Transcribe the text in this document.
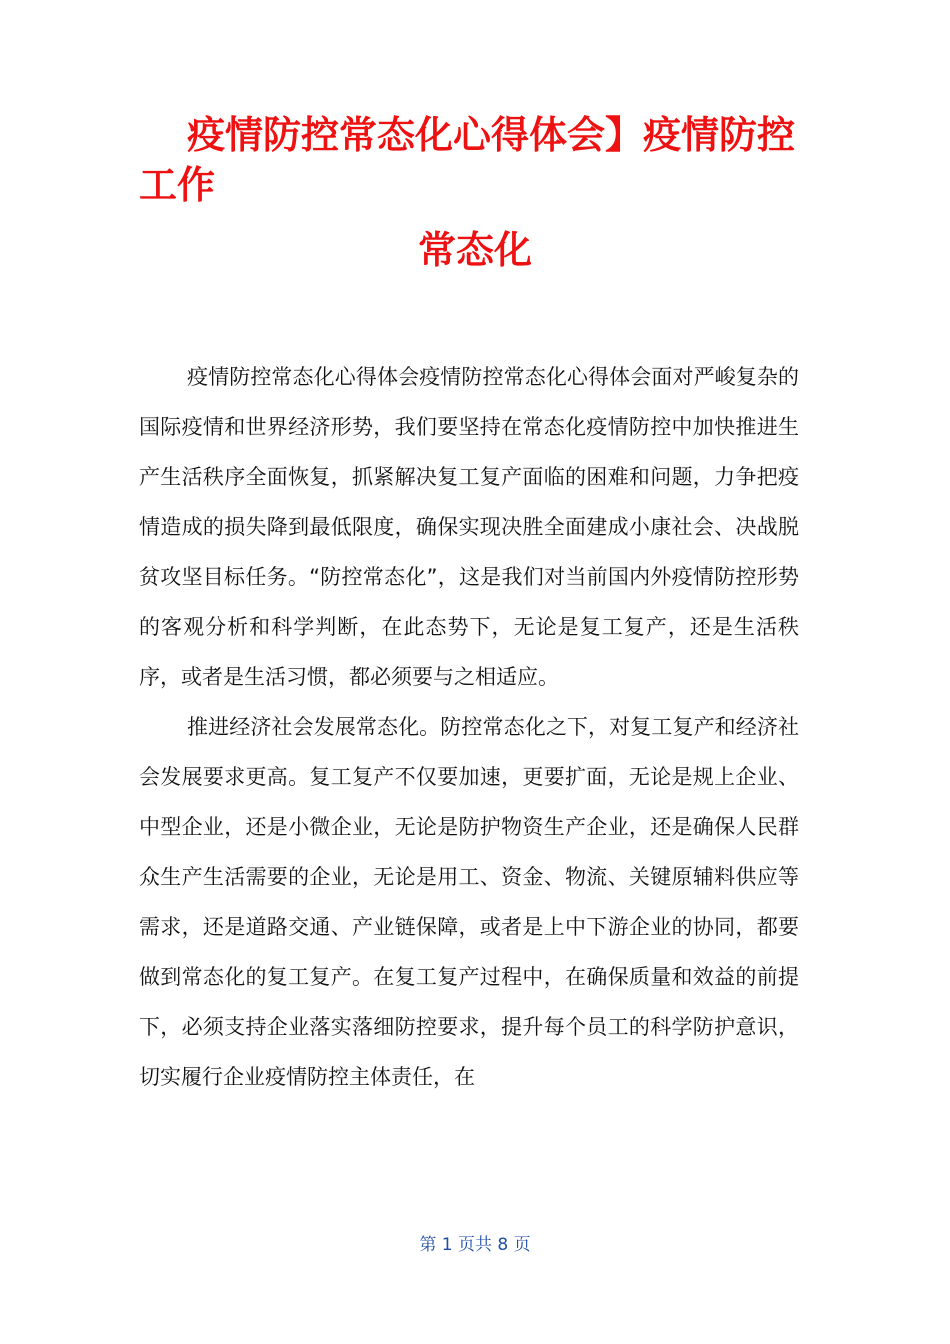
疫情防控常态化心得体会】疫情防控工作
常态化

疫情防控常态化心得体会疫情防控常态化心得体会面对严峻复杂的国际疫情和世界经济形势，我们要坚持在常态化疫情防控中加快推进生产生活秩序全面恢复，抓紧解决复工复产面临的困难和问题，力争把疫情造成的损失降到最低限度，确保实现决胜全面建成小康社会、决战脱贫攻坚目标任务。“防控常态化”，这是我们对当前国内外疫情防控形势的客观分析和科学判断，在此态势下，无论是复工复产，还是生活秩序，或者是生活习惯，都必须要与之相适应。

推进经济社会发展常态化。防控常态化之下，对复工复产和经济社会发展要求更高。复工复产不仅要加速，更要扩面，无论是规上企业、中型企业，还是小微企业，无论是防护物资生产企业，还是确保人民群众生产生活需要的企业，无论是用工、资金、物流、关键原辅料供应等需求，还是道路交通、产业链保障，或者是上中下游企业的协同，都要做到常态化的复工复产。在复工复产过程中，在确保质量和效益的前提下，必须支持企业落实落细防控要求，提升每个员工的科学防护意识，切实履行企业疫情防控主体责任，在

第 1 页共 8 页
